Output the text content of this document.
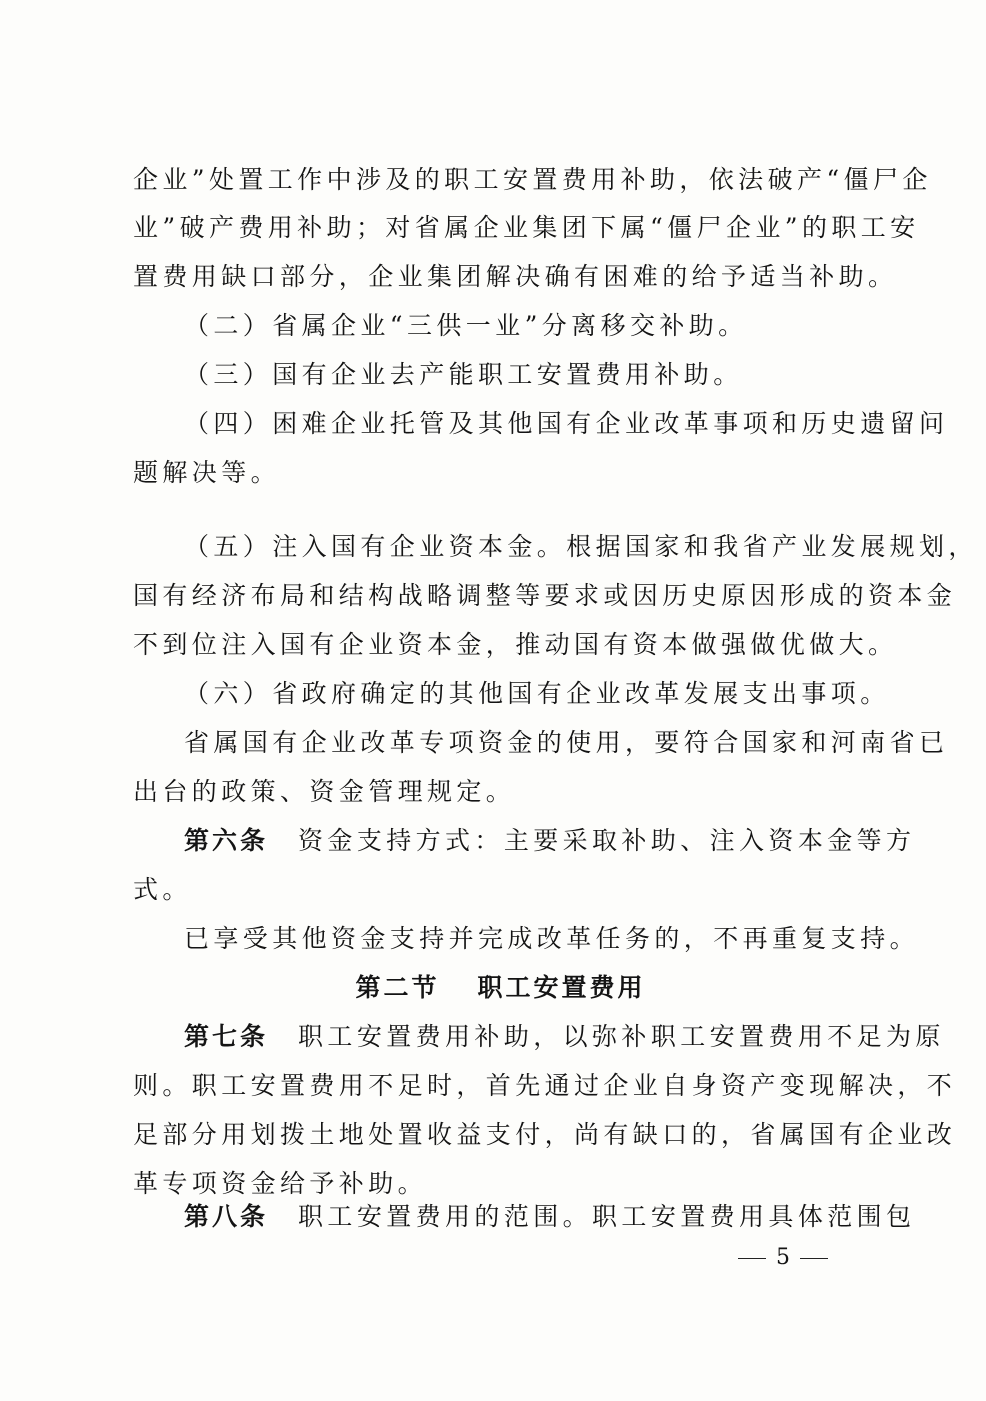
企业”处置工作中涉及的职工安置费用补助，依法破产“僵尸企
业”破产费用补助；对省属企业集团下属“僵尸企业”的职工安
置费用缺口部分，企业集团解决确有困难的给予适当补助。
（二）省属企业“三供一业”分离移交补助。
（三）国有企业去产能职工安置费用补助。
（四）困难企业托管及其他国有企业改革事项和历史遗留问
题解决等。
（五）注入国有企业资本金。根据国家和我省产业发展规划，
国有经济布局和结构战略调整等要求或因历史原因形成的资本金
不到位注入国有企业资本金，推动国有资本做强做优做大。
（六）省政府确定的其他国有企业改革发展支出事项。
省属国有企业改革专项资金的使用，要符合国家和河南省已
出台的政策、资金管理规定。
第六条 资金支持方式：主要采取补助、注入资本金等方
式。
已享受其他资金支持并完成改革任务的，不再重复支持。
第二节 职工安置费用
第七条 职工安置费用补助，以弥补职工安置费用不足为原
则。职工安置费用不足时，首先通过企业自身资产变现解决，不
足部分用划拨土地处置收益支付，尚有缺口的，省属国有企业改
革专项资金给予补助。
第八条 职工安置费用的范围。职工安置费用具体范围包
5
